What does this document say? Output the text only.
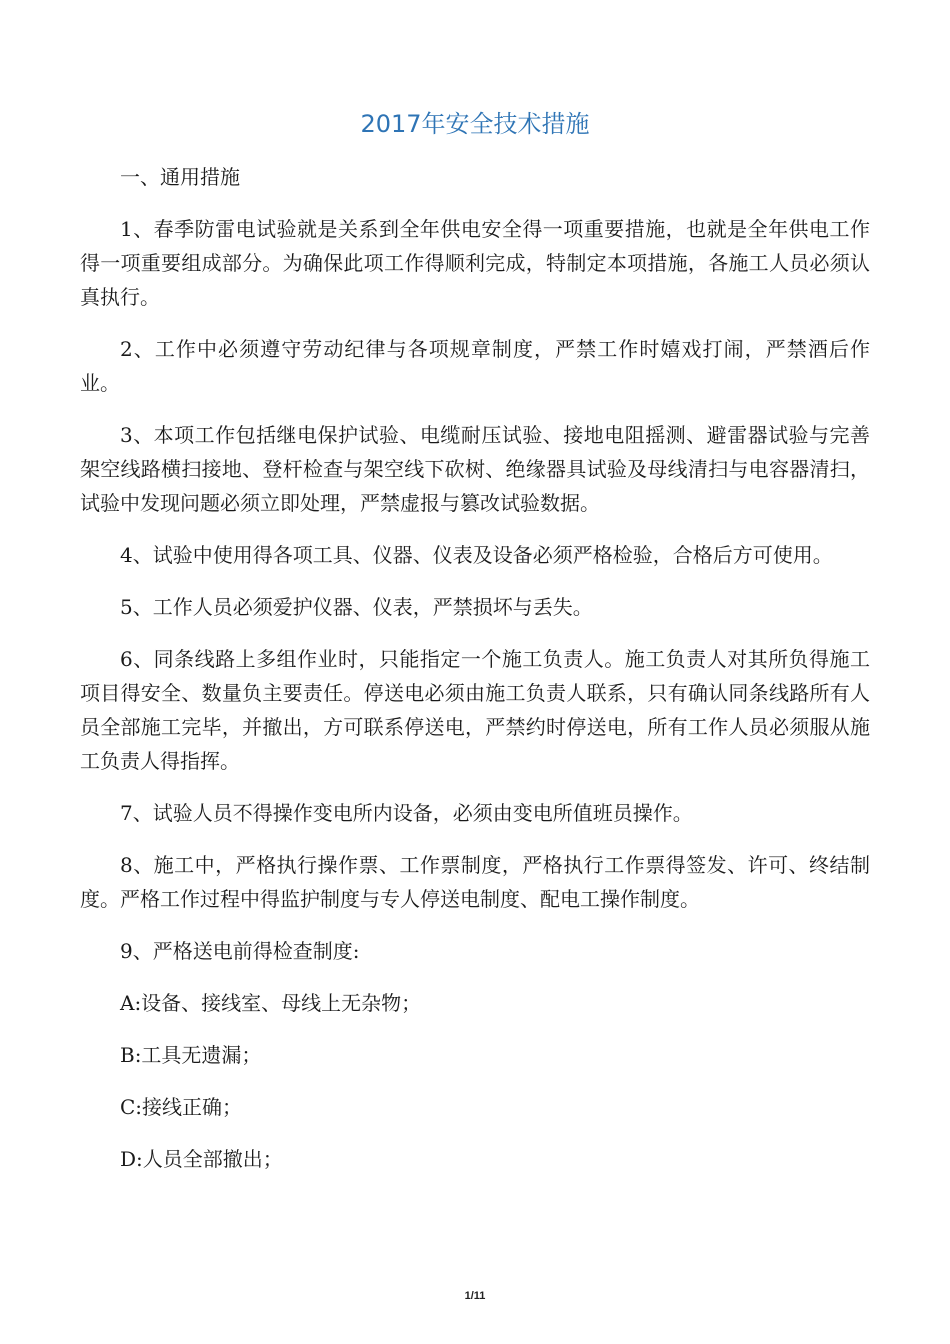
2017年安全技术措施

一、通用措施

1、春季防雷电试验就是关系到全年供电安全得一项重要措施，也就是全年供电工作得一项重要组成部分。为确保此项工作得顺利完成，特制定本项措施，各施工人员必须认真执行。

2、工作中必须遵守劳动纪律与各项规章制度，严禁工作时嬉戏打闹，严禁酒后作业。

3、本项工作包括继电保护试验、电缆耐压试验、接地电阻摇测、避雷器试验与完善架空线路横扫接地、登杆检查与架空线下砍树、绝缘器具试验及母线清扫与电容器清扫，试验中发现问题必须立即处理，严禁虚报与篡改试验数据。

4、试验中使用得各项工具、仪器、仪表及设备必须严格检验，合格后方可使用。

5、工作人员必须爱护仪器、仪表，严禁损坏与丢失。

6、同条线路上多组作业时，只能指定一个施工负责人。施工负责人对其所负得施工项目得安全、数量负主要责任。停送电必须由施工负责人联系，只有确认同条线路所有人员全部施工完毕，并撤出，方可联系停送电，严禁约时停送电，所有工作人员必须服从施工负责人得指挥。

7、试验人员不得操作变电所内设备，必须由变电所值班员操作。

8、施工中，严格执行操作票、工作票制度，严格执行工作票得签发、许可、终结制度。严格工作过程中得监护制度与专人停送电制度、配电工操作制度。

9、严格送电前得检查制度:

A:设备、接线室、母线上无杂物；

B:工具无遗漏；

C:接线正确；

D:人员全部撤出；

1/11
